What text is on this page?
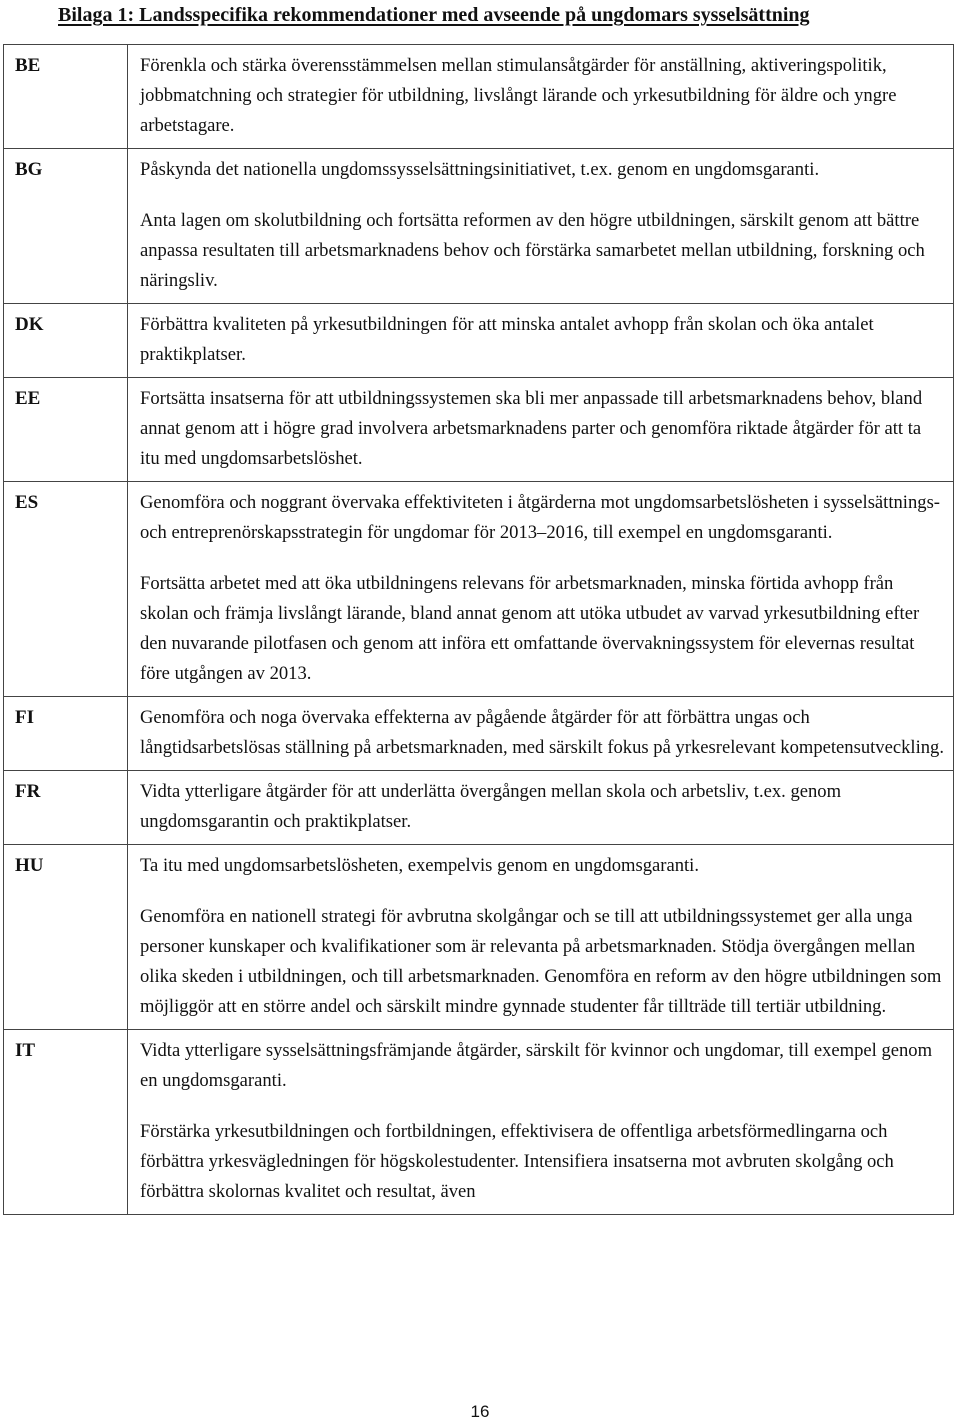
Bilaga 1: Landsspecifika rekommendationer med avseende på ungdomars sysselsättning
BE	Förenkla och stärka överensstämmelsen mellan stimulansåtgärder för anställning, aktiveringspolitik, jobbmatchning och strategier för utbildning, livslångt lärande och yrkesutbildning för äldre och yngre arbetstagare.

BG	Påskynda det nationella ungdomssysselsättningsinitiativet, t.ex. genom en ungdomsgaranti.

Anta lagen om skolutbildning och fortsätta reformen av den högre utbildningen, särskilt genom att bättre anpassa resultaten till arbetsmarknadens behov och förstärka samarbetet mellan utbildning, forskning och näringsliv.

DK	Förbättra kvaliteten på yrkesutbildningen för att minska antalet avhopp från skolan och öka antalet praktikplatser.

EE	Fortsätta insatserna för att utbildningssystemen ska bli mer anpassade till arbetsmarknadens behov, bland annat genom att i högre grad involvera arbetsmarknadens parter och genomföra riktade åtgärder för att ta itu med ungdomsarbetslöshet.

ES	Genomföra och noggrant övervaka effektiviteten i åtgärderna mot ungdomsarbetslösheten i sysselsättnings- och entreprenörskapsstrategin för ungdomar för 2013–2016, till exempel en ungdomsgaranti.

Fortsätta arbetet med att öka utbildningens relevans för arbetsmarknaden, minska förtida avhopp från skolan och främja livslångt lärande, bland annat genom att utöka utbudet av varvad yrkesutbildning efter den nuvarande pilotfasen och genom att införa ett omfattande övervakningssystem för elevernas resultat före utgången av 2013.

FI	Genomföra och noga övervaka effekterna av pågående åtgärder för att förbättra ungas och långtidsarbetslösas ställning på arbetsmarknaden, med särskilt fokus på yrkesrelevant kompetensutveckling.

FR	Vidta ytterligare åtgärder för att underlätta övergången mellan skola och arbetsliv, t.ex. genom ungdomsgarantin och praktikplatser.

HU	Ta itu med ungdomsarbetslösheten, exempelvis genom en ungdomsgaranti.

Genomföra en nationell strategi för avbrutna skolgångar och se till att utbildningssystemet ger alla unga personer kunskaper och kvalifikationer som är relevanta på arbetsmarknaden. Stödja övergången mellan olika skeden i utbildningen, och till arbetsmarknaden. Genomföra en reform av den högre utbildningen som möjliggör att en större andel och särskilt mindre gynnade studenter får tillträde till tertiär utbildning.

IT	Vidta ytterligare sysselsättningsfrämjande åtgärder, särskilt för kvinnor och ungdomar, till exempel genom en ungdomsgaranti.

Förstärka yrkesutbildningen och fortbildningen, effektivisera de offentliga arbetsförmedlingarna och förbättra yrkesvägledningen för högskolestudenter. Intensifiera insatserna mot avbruten skolgång och förbättra skolornas kvalitet och resultat, även

16
